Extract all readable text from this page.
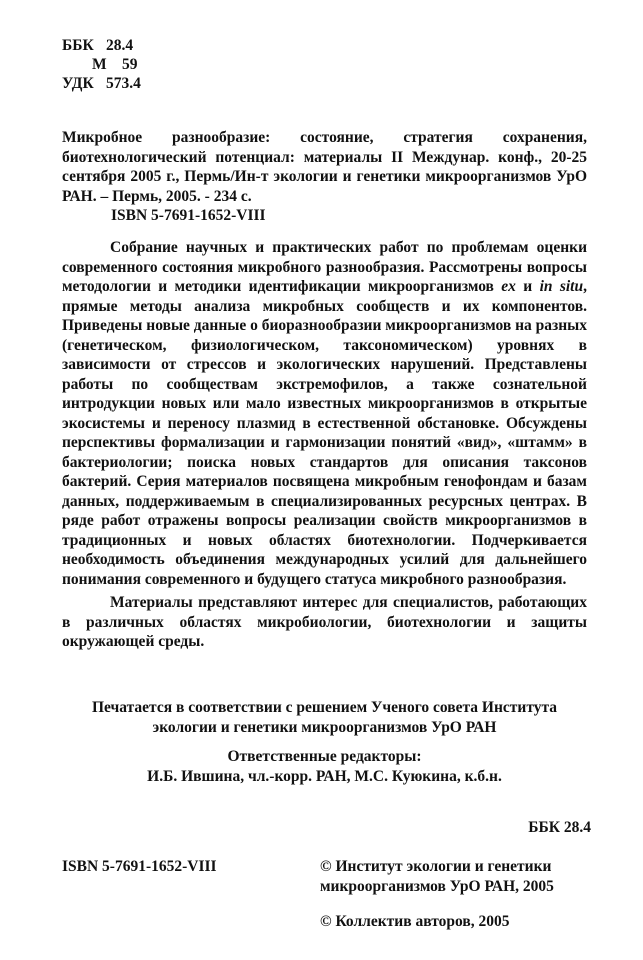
ББК 28.4
М 59
УДК 573.4
Микробное разнообразие: состояние, стратегия сохранения, биотехнологический потенциал: материалы II Междунар. конф., 20-25 сентября 2005 г., Пермь/Ин-т экологии и генетики микроорганизмов УрО РАН. – Пермь, 2005. - 234 с.
ISBN 5-7691-1652-VIII

Собрание научных и практических работ по проблемам оценки современного состояния микробного разнообразия. Рассмотрены вопросы методологии и методики идентификации микроорганизмов ex и in situ, прямые методы анализа микробных сообществ и их компонентов. Приведены новые данные о биоразнообразии микроорганизмов на разных (генетическом, физиологическом, таксономическом) уровнях в зависимости от стрессов и экологических нарушений. Представлены работы по сообществам экстремофилов, а также сознательной интродукции новых или мало известных микроорганизмов в открытые экосистемы и переносу плазмид в естественной обстановке. Обсуждены перспективы формализации и гармонизации понятий «вид», «штамм» в бактериологии; поиска новых стандартов для описания таксонов бактерий. Серия материалов посвящена микробным генофондам и базам данных, поддерживаемым в специализированных ресурсных центрах. В ряде работ отражены вопросы реализации свойств микроорганизмов в традиционных и новых областях биотехнологии. Подчеркивается необходимость объединения международных усилий для дальнейшего понимания современного и будущего статуса микробного разнообразия.

Материалы представляют интерес для специалистов, работающих в различных областях микробиологии, биотехнологии и защиты окружающей среды.

Печатается в соответствии с решением Ученого совета Института
экологии и генетики микроорганизмов УрО РАН
Ответственные редакторы:
И.Б. Ившина, чл.-корр. РАН, М.С. Куюкина, к.б.н.
ББК 28.4
ISBN 5-7691-1652-VIII	© Институт экологии и генетики
микроорганизмов УрО РАН, 2005
© Коллектив авторов, 2005
